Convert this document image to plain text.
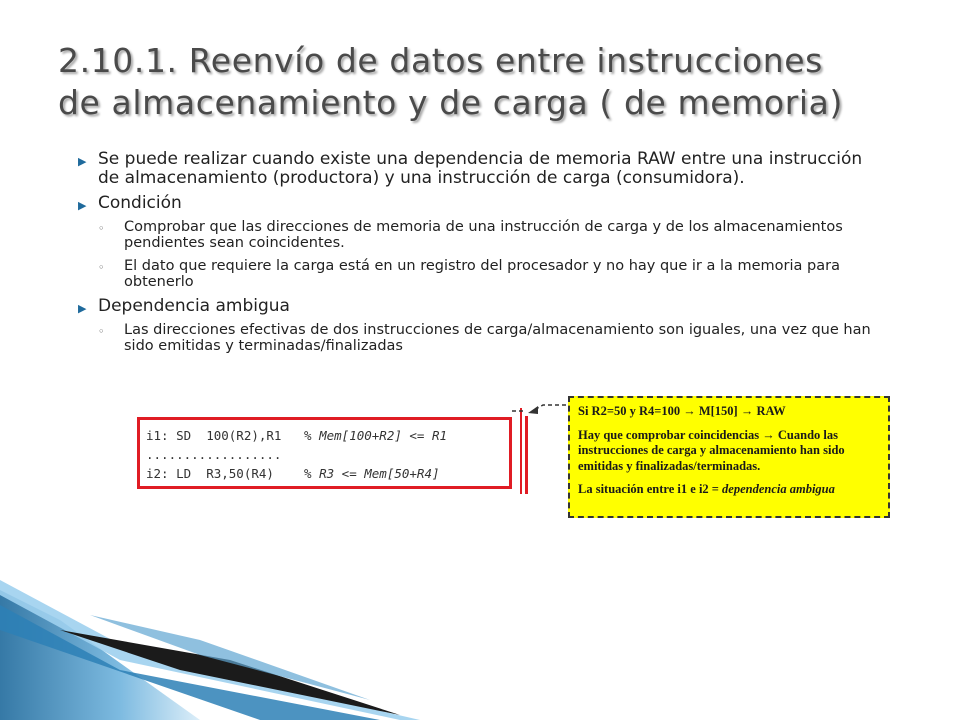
2.10.1. Reenvío de datos entre instrucciones
de almacenamiento y de carga ( de memoria)
▶ Se puede realizar cuando existe una dependencia de memoria RAW entre una instrucción de almacenamiento (productora) y una instrucción de carga (consumidora).
▶ Condición
◦	Comprobar que las direcciones de memoria de una instrucción de carga y de los almacenamientos pendientes sean coincidentes.
◦	El dato que requiere la carga está en un registro del procesador y no hay que ir a la memoria para obtenerlo
▶ Dependencia ambigua
◦	Las direcciones efectivas de dos instrucciones de carga/almacenamiento son iguales, una vez que han sido emitidas y terminadas/finalizadas
i1: SD  100(R2),R1   % Mem[100+R2] <= R1
..................
i2: LD  R3,50(R4)    % R3 <= Mem[50+R4]

Si R2=50 y R4=100 → M[150] → RAW

Hay que comprobar coincidencias → Cuando las instrucciones de carga y almacenamiento han sido emitidas y finalizadas/terminadas.

La situación entre i1 e i2 = dependencia ambigua
